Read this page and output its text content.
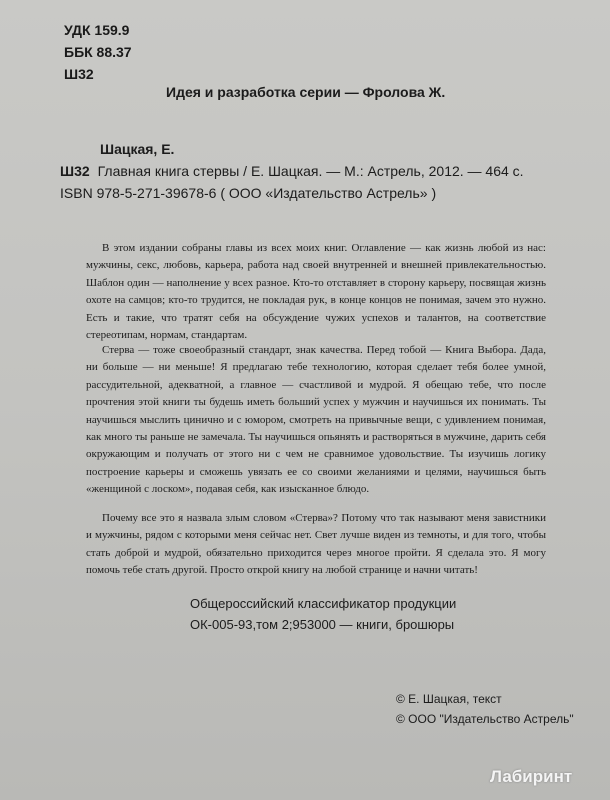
УДК 159.9

ББК 88.37

Ш32

Идея и разработка серии — Фролова Ж.

Шацкая, Е.

Ш32 Главная книга стервы / Е. Шацкая. — М.: Астрель, 2012. — 464 с.

ISBN 978-5-271-39678-6 ( ООО «Издательство Астрель» )

В этом издании собраны главы из всех моих книг. Оглавление — как жизнь любой из нас: мужчины, секс, любовь, карьера, работа над своей внутренней и внешней привлекательностью. Шаблон один — наполнение у всех разное. Кто-то отставляет в сторону карьеру, посвящая жизнь охоте на самцов; кто-то трудится, не покладая рук, в конце концов не понимая, зачем это нужно. Есть и такие, что тратят себя на обсуждение чужих успехов и талантов, на соответствие стереотипам, нормам, стандартам.

Стерва — тоже своеобразный стандарт, знак качества. Перед тобой — Книга Выбора. Дада, ни больше — ни меньше! Я предлагаю тебе технологию, которая сделает тебя более умной, рассудительной, адекватной, а главное — счастливой и мудрой. Я обещаю тебе, что после прочтения этой книги ты будешь иметь больший успех у мужчин и научишься их понимать. Ты научишься мыслить цинично и с юмором, смотреть на привычные вещи, с удивлением понимая, как много ты раньше не замечала. Ты научишься опьянять и растворяться в мужчине, дарить себя окружающим и получать от этого ни с чем не сравнимое удовольствие. Ты изучишь логику построение карьеры и сможешь увязать ее со своими желаниями и целями, научишься быть «женщиной с лоском», подавая себя, как изысканное блюдо.

Почему все это я назвала злым словом «Стерва»? Потому что так называют меня завистники и мужчины, рядом с которыми меня сейчас нет. Свет лучше виден из темноты, и для того, чтобы стать доброй и мудрой, обязательно приходится через многое пройти. Я сделала это. Я могу помочь тебе стать другой. Просто открой книгу на любой странице и начни читать!

Общероссийский классификатор продукции

ОК-005-93,том 2;953000 — книги, брошюры

© Е. Шацкая, текст

© ООО "Издательство Астрель"

Лабиринт
